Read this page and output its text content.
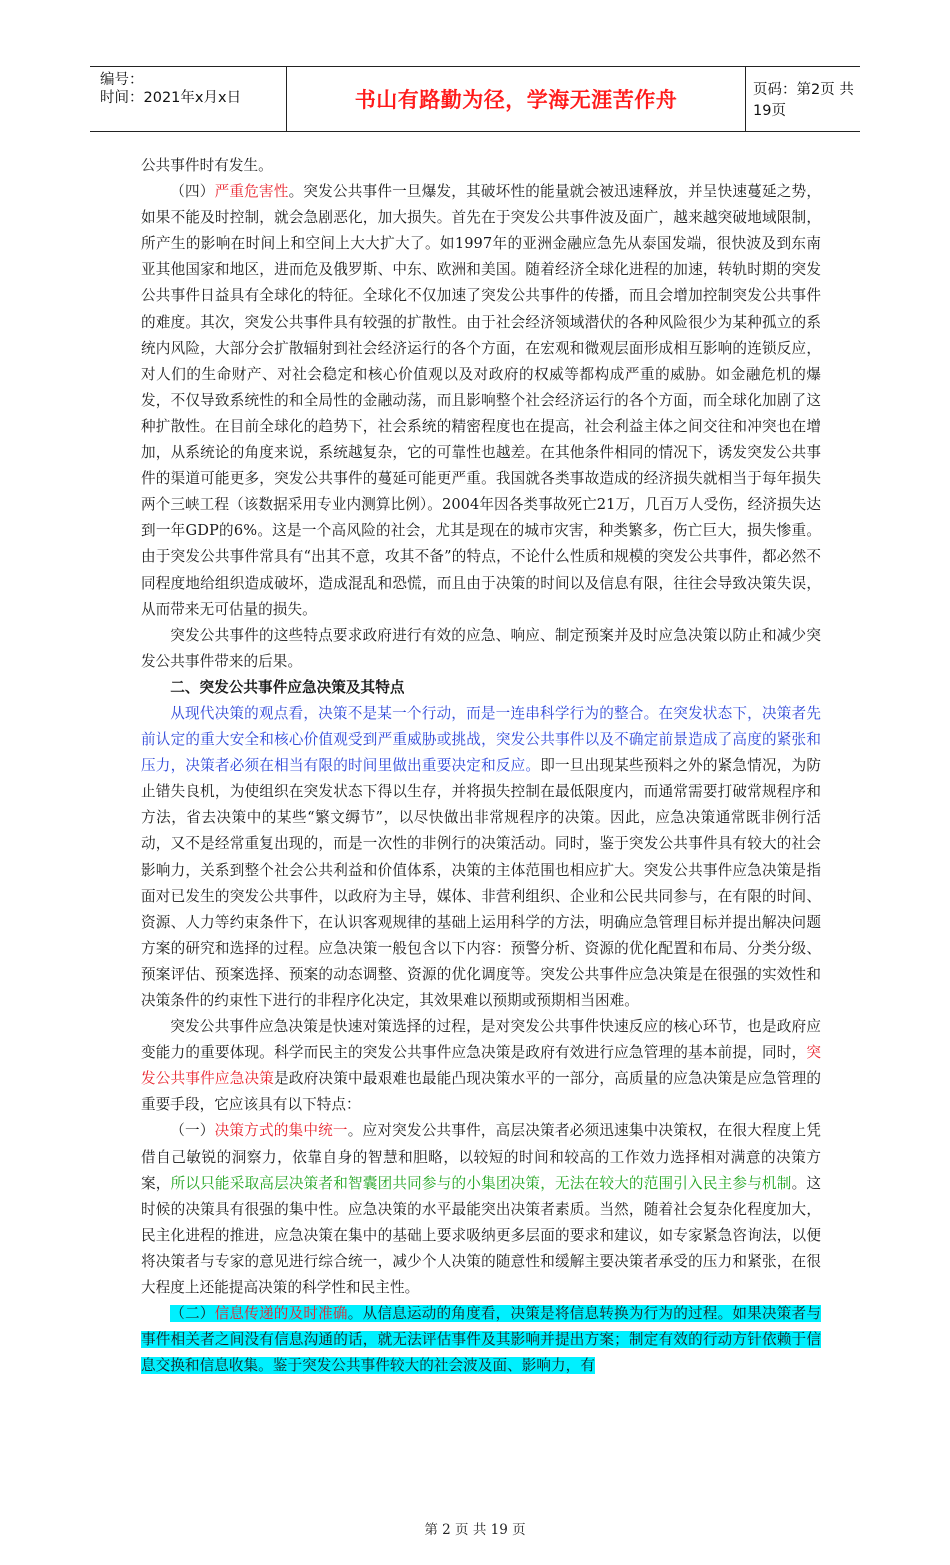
编号：
时间：2021年x月x日	书山有路勤为径，学海无涯苦作舟	页码：第2页 共19页

公共事件时有发生。

（四）严重危害性。突发公共事件一旦爆发，其破坏性的能量就会被迅速释放，并呈快速蔓延之势，如果不能及时控制，就会急剧恶化，加大损失。首先在于突发公共事件波及面广，越来越突破地域限制，所产生的影响在时间上和空间上大大扩大了。如1997年的亚洲金融应急先从泰国发端，很快波及到东南亚其他国家和地区，进而危及俄罗斯、中东、欧洲和美国。随着经济全球化进程的加速，转轨时期的突发公共事件日益具有全球化的特征。全球化不仅加速了突发公共事件的传播，而且会增加控制突发公共事件的难度。其次，突发公共事件具有较强的扩散性。由于社会经济领域潜伏的各种风险很少为某种孤立的系统内风险，大部分会扩散辐射到社会经济运行的各个方面，在宏观和微观层面形成相互影响的连锁反应，对人们的生命财产、对社会稳定和核心价值观以及对政府的权威等都构成严重的威胁。如金融危机的爆发，不仅导致系统性的和全局性的金融动荡，而且影响整个社会经济运行的各个方面，而全球化加剧了这种扩散性。在目前全球化的趋势下，社会系统的精密程度也在提高，社会利益主体之间交往和冲突也在增加，从系统论的角度来说，系统越复杂，它的可靠性也越差。在其他条件相同的情况下，诱发突发公共事件的渠道可能更多，突发公共事件的蔓延可能更严重。我国就各类事故造成的经济损失就相当于每年损失两个三峡工程（该数据采用专业内测算比例）。2004年因各类事故死亡21万，几百万人受伤，经济损失达到一年GDP的6%。这是一个高风险的社会，尤其是现在的城市灾害，种类繁多，伤亡巨大，损失惨重。由于突发公共事件常具有“出其不意，攻其不备”的特点，不论什么性质和规模的突发公共事件，都必然不同程度地给组织造成破坏，造成混乱和恐慌，而且由于决策的时间以及信息有限，往往会导致决策失误，从而带来无可估量的损失。

突发公共事件的这些特点要求政府进行有效的应急、响应、制定预案并及时应急决策以防止和减少突发公共事件带来的后果。

二、突发公共事件应急决策及其特点

从现代决策的观点看，决策不是某一个行动，而是一连串科学行为的整合。在突发状态下，决策者先前认定的重大安全和核心价值观受到严重威胁或挑战，突发公共事件以及不确定前景造成了高度的紧张和压力，决策者必须在相当有限的时间里做出重要决定和反应。即一旦出现某些预料之外的紧急情况，为防止错失良机，为使组织在突发状态下得以生存，并将损失控制在最低限度内，而通常需要打破常规程序和方法，省去决策中的某些“繁文缛节”，以尽快做出非常规程序的决策。因此，应急决策通常既非例行活动，又不是经常重复出现的，而是一次性的非例行的决策活动。同时，鉴于突发公共事件具有较大的社会影响力，关系到整个社会公共利益和价值体系，决策的主体范围也相应扩大。突发公共事件应急决策是指面对已发生的突发公共事件，以政府为主导，媒体、非营利组织、企业和公民共同参与，在有限的时间、资源、人力等约束条件下，在认识客观规律的基础上运用科学的方法，明确应急管理目标并提出解决问题方案的研究和选择的过程。应急决策一般包含以下内容：预警分析、资源的优化配置和布局、分类分级、预案评估、预案选择、预案的动态调整、资源的优化调度等。突发公共事件应急决策是在很强的实效性和决策条件的约束性下进行的非程序化决定，其效果难以预期或预期相当困难。

突发公共事件应急决策是快速对策选择的过程，是对突发公共事件快速反应的核心环节，也是政府应变能力的重要体现。科学而民主的突发公共事件应急决策是政府有效进行应急管理的基本前提，同时，突发公共事件应急决策是政府决策中最艰难也最能凸现决策水平的一部分，高质量的应急决策是应急管理的重要手段，它应该具有以下特点：

（一）决策方式的集中统一。应对突发公共事件，高层决策者必须迅速集中决策权，在很大程度上凭借自己敏锐的洞察力，依靠自身的智慧和胆略，以较短的时间和较高的工作效力选择相对满意的决策方案，所以只能采取高层决策者和智囊团共同参与的小集团决策，无法在较大的范围引入民主参与机制。这时候的决策具有很强的集中性。应急决策的水平最能突出决策者素质。当然，随着社会复杂化程度加大，民主化进程的推进，应急决策在集中的基础上要求吸纳更多层面的要求和建议，如专家紧急咨询法，以便将决策者与专家的意见进行综合统一，减少个人决策的随意性和缓解主要决策者承受的压力和紧张，在很大程度上还能提高决策的科学性和民主性。

（二）信息传递的及时准确。从信息运动的角度看，决策是将信息转换为行为的过程。如果决策者与事件相关者之间没有信息沟通的话，就无法评估事件及其影响并提出方案；制定有效的行动方针依赖于信息交换和信息收集。鉴于突发公共事件较大的社会波及面、影响力，有

第 2 页 共 19 页
